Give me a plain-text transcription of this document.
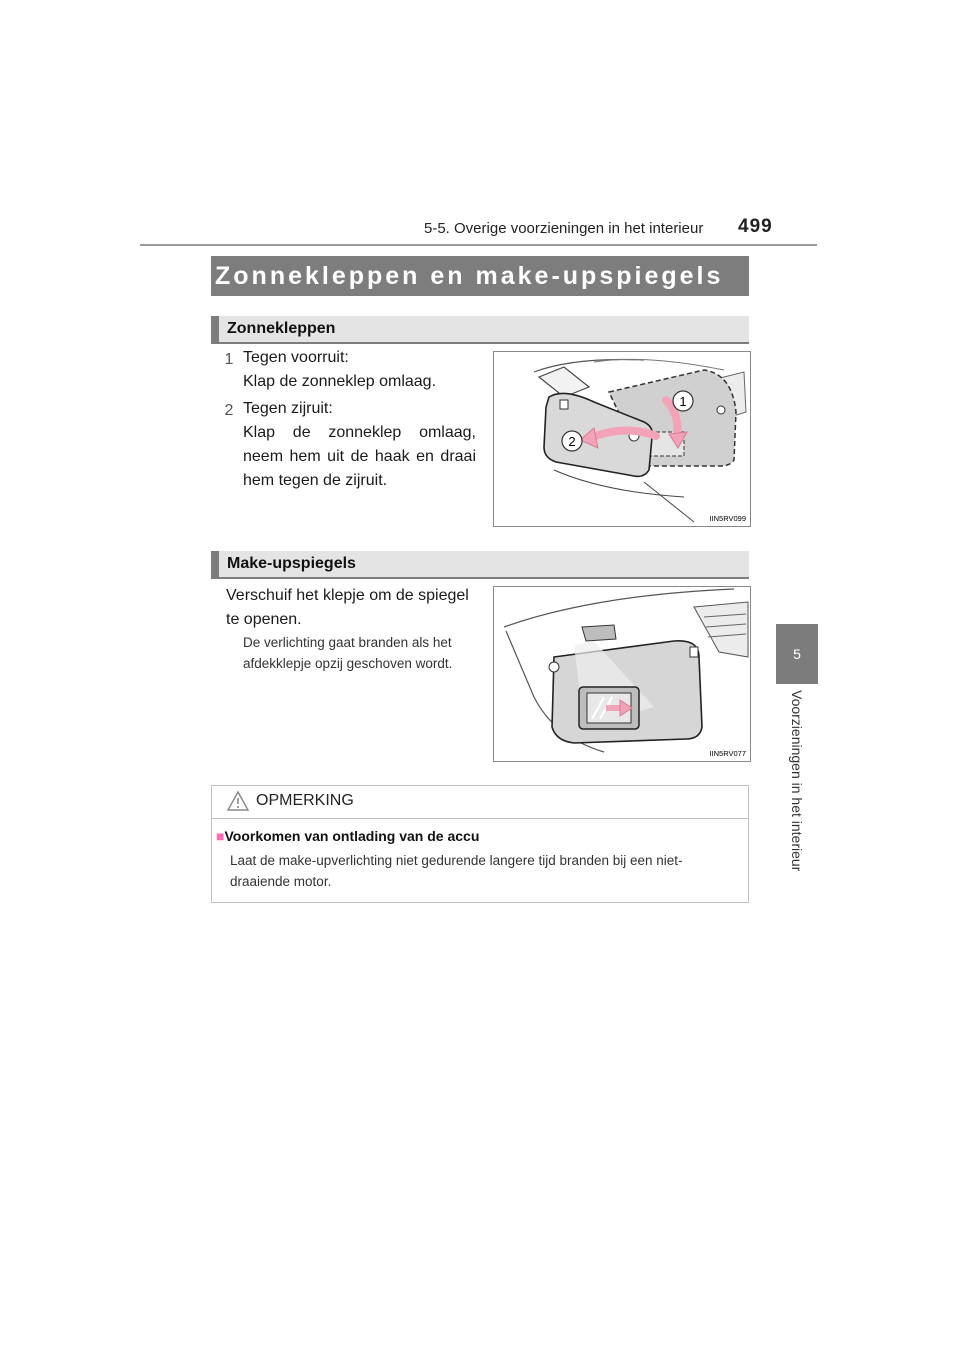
5-5. Overige voorzieningen in het interieur 499
5
Voorzieningen in het interieur
Zonnekleppen en make-upspiegels
Zonnekleppen
1 Tegen voorruit:
Klap de zonneklep omlaag.
2 Tegen zijruit:
Klap de zonneklep omlaag,
neem hem uit de haak en draai
hem tegen de zijruit.
1
2
IIN5RV099
Make-upspiegels
Verschuif het klepje om de spiegel
te openen.
De verlichting gaat branden als het
afdekklepje opzij geschoven wordt.
IIN5RV077
OPMERKING
■Voorkomen van ontlading van de accu
Laat de make-upverlichting niet gedurende langere tijd branden bij een niet-
draaiende motor.
